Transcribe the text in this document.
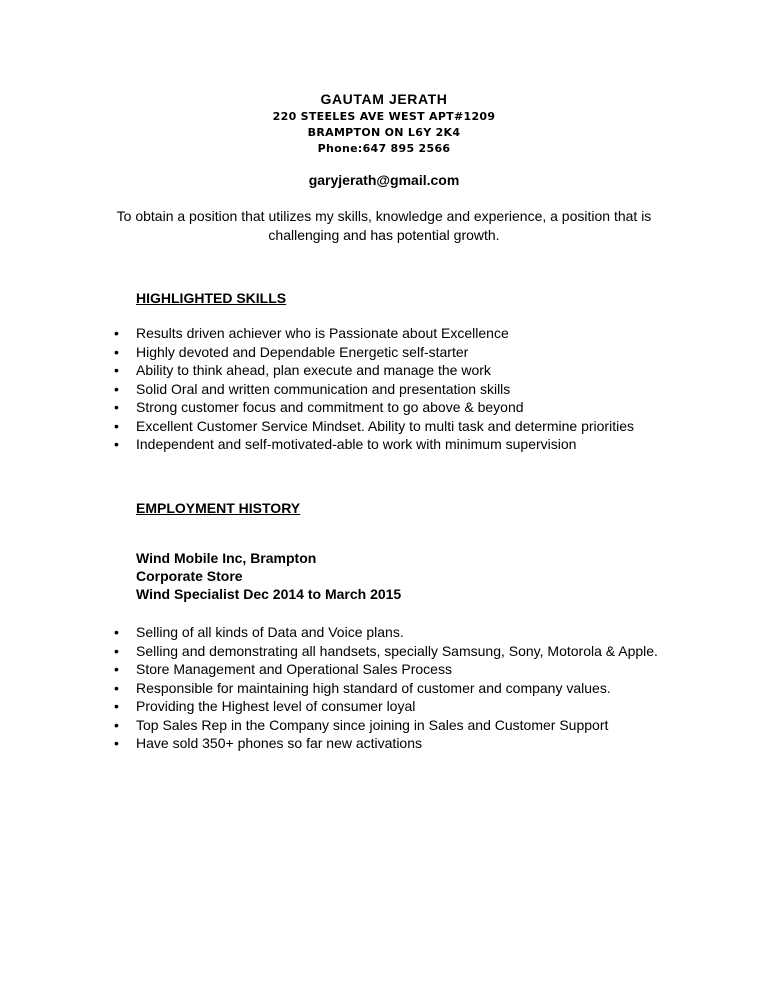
GAUTAM JERATH
220 STEELES AVE WEST APT#1209
BRAMPTON ON L6Y 2K4
Phone:647 895 2566
garyjerath@gmail.com
To obtain a position that utilizes my skills, knowledge and experience, a position that is challenging and has potential growth.
HIGHLIGHTED SKILLS
• Results driven achiever who is Passionate about Excellence
• Highly devoted and Dependable Energetic self-starter
• Ability to think ahead, plan execute and manage the work
• Solid Oral and written communication and presentation skills
• Strong customer focus and commitment to go above & beyond
• Excellent Customer Service Mindset. Ability to multi task and determine priorities
• Independent and self-motivated-able to work with minimum supervision
EMPLOYMENT HISTORY
Wind Mobile Inc, Brampton
Corporate Store
Wind Specialist Dec 2014 to March 2015
• Selling of all kinds of Data and Voice plans.
• Selling and demonstrating all handsets, specially Samsung, Sony, Motorola & Apple.
• Store Management and Operational Sales Process
• Responsible for maintaining high standard of customer and company values.
• Providing the Highest level of consumer loyal
• Top Sales Rep in the Company since joining in Sales and Customer Support
• Have sold 350+ phones so far new activations
